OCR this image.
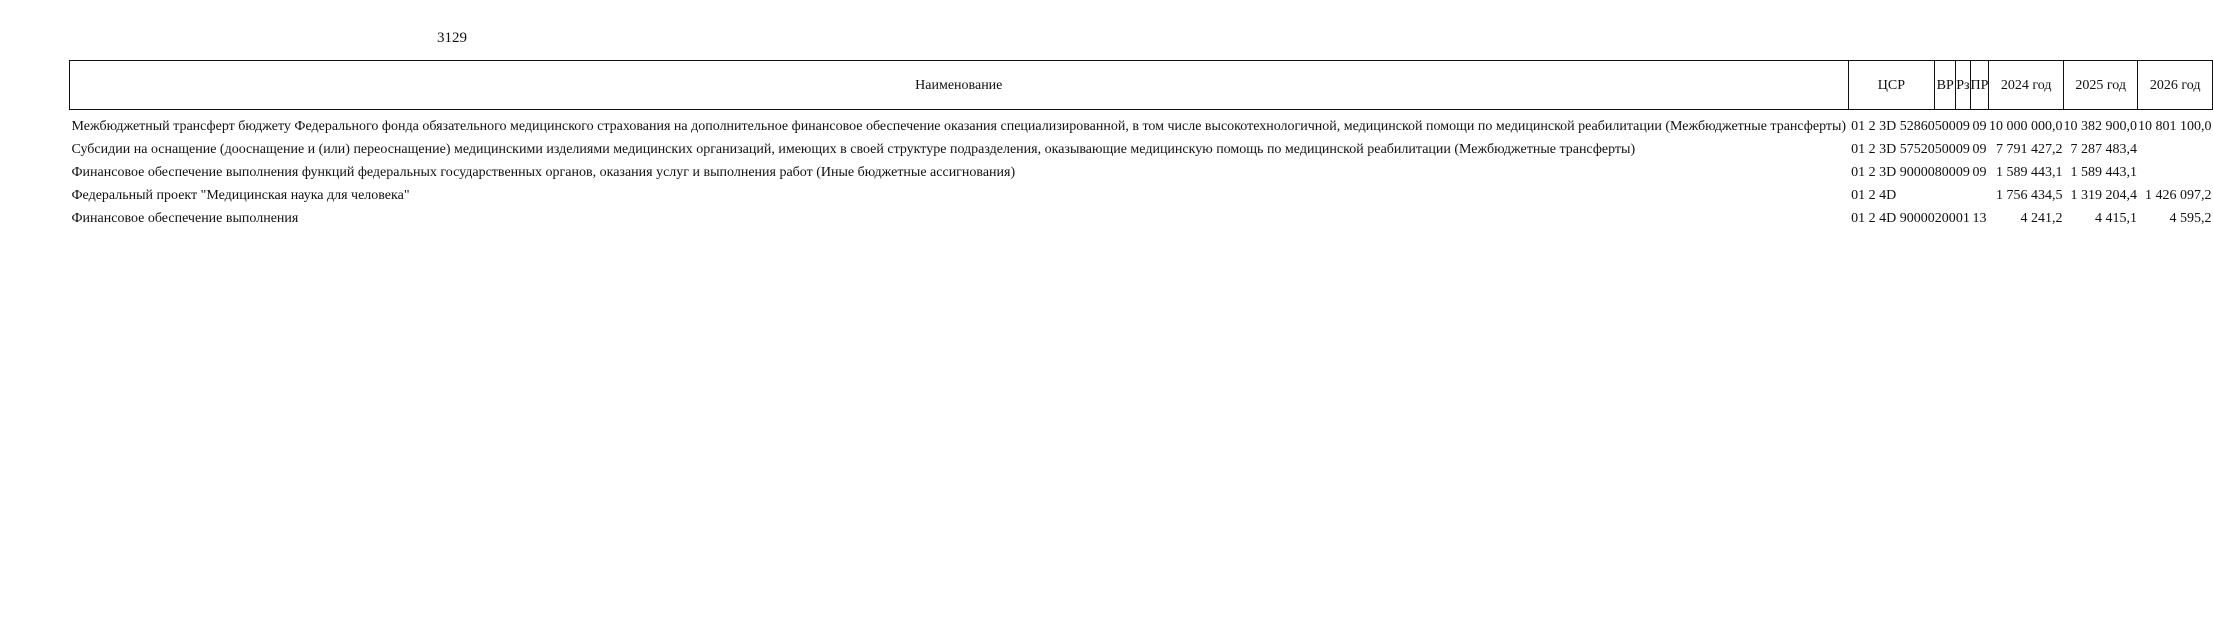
3129
Наименование	ЦСР	ВР	Рз	ПР	2024 год	2025 год	2026 год
Межбюджетный трансферт бюджету Федерального фонда обязательного медицинского страхования на дополнительное финансовое обеспечение оказания специализированной, в том числе высокотехнологичной, медицинской помощи по медицинской реабилитации (Межбюджетные трансферты)	01 2 3D 52860	500	09	09	10 000 000,0	10 382 900,0	10 801 100,0

Субсидии на оснащение (дооснащение и (или) переоснащение) медицинскими изделиями медицинских организаций, имеющих в своей структуре подразделения, оказывающие медицинскую помощь по медицинской реабилитации (Межбюджетные трансферты)	01 2 3D 57520	500	09	09	7 791 427,2	7 287 483,4	

Финансовое обеспечение выполнения функций федеральных государственных органов, оказания услуг и выполнения работ (Иные бюджетные ассигнования)	01 2 3D 90000	800	09	09	1 589 443,1	1 589 443,1	

Федеральный проект "Медицинская наука для человека"	01 2 4D				1 756 434,5	1 319 204,4	1 426 097,2

Финансовое обеспечение выполнения	01 2 4D 90000	200	01	13	4 241,2	4 415,1	4 595,2
